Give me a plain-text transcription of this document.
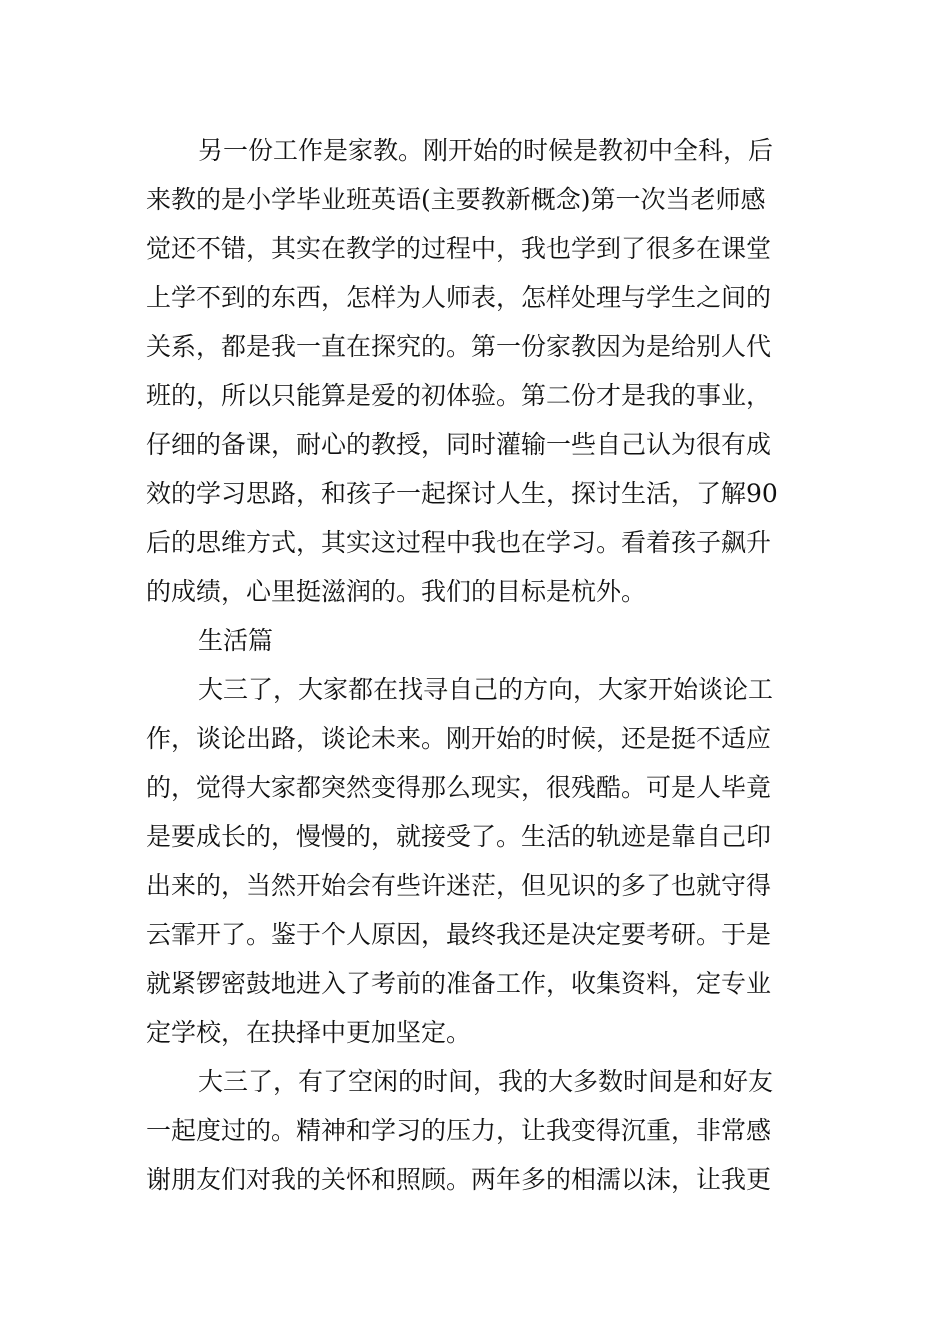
另一份工作是家教。刚开始的时候是教初中全科，后
来教的是小学毕业班英语(主要教新概念)第一次当老师感
觉还不错，其实在教学的过程中，我也学到了很多在课堂
上学不到的东西，怎样为人师表，怎样处理与学生之间的
关系，都是我一直在探究的。第一份家教因为是给别人代
班的，所以只能算是爱的初体验。第二份才是我的事业，
仔细的备课，耐心的教授，同时灌输一些自己认为很有成
效的学习思路，和孩子一起探讨人生，探讨生活，了解90
后的思维方式，其实这过程中我也在学习。看着孩子飙升
的成绩，心里挺滋润的。我们的目标是杭外。
生活篇
大三了，大家都在找寻自己的方向，大家开始谈论工
作，谈论出路，谈论未来。刚开始的时候，还是挺不适应
的，觉得大家都突然变得那么现实，很残酷。可是人毕竟
是要成长的，慢慢的，就接受了。生活的轨迹是靠自己印
出来的，当然开始会有些许迷茫，但见识的多了也就守得
云霏开了。鉴于个人原因，最终我还是决定要考研。于是
就紧锣密鼓地进入了考前的准备工作，收集资料，定专业
定学校，在抉择中更加坚定。
大三了，有了空闲的时间，我的大多数时间是和好友
一起度过的。精神和学习的压力，让我变得沉重，非常感
谢朋友们对我的关怀和照顾。两年多的相濡以沫，让我更
